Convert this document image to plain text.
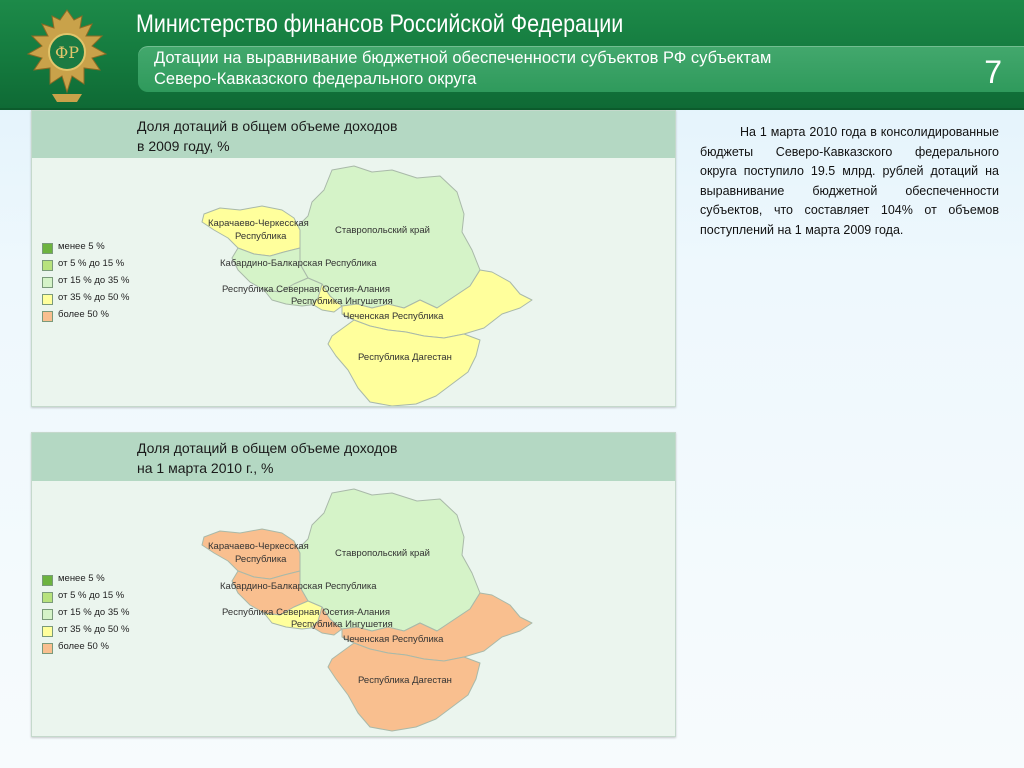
ФР
Министерство финансов Российской Федерации
Дотации на выравнивание бюджетной обеспеченности субъектов РФ субъектам
Северо-Кавказского федерального округа	7
Доля дотаций в общем объеме доходов
в 2009 году, %
менее 5 %
от 5 % до 15 %
от 15 % до 35 %
от 35 % до 50 %
более 50 %
Карачаево-Черкесская
Республика
Ставропольский край
Кабардино-Балкарская Республика
Республика Северная Осетия-Алания
Республика Ингушетия
Чеченская Республика
Республика Дагестан
Доля дотаций в общем объеме доходов
на 1 марта 2010 г., %
менее 5 %
от 5 % до 15 %
от 15 % до 35 %
от 35 % до 50 %
более 50 %
Карачаево-Черкесская
Республика
Ставропольский край
Кабардино-Балкарская Республика
Республика Северная Осетия-Алания
Республика Ингушетия
Чеченская Республика
Республика Дагестан
На 1 марта 2010 года в консолидированные бюджеты Северо-Кавказского федерального округа поступило 19.5 млрд. рублей дотаций на выравнивание бюджетной обеспеченности субъектов, что составляет 104% от объемов поступлений на 1 марта 2009 года.
